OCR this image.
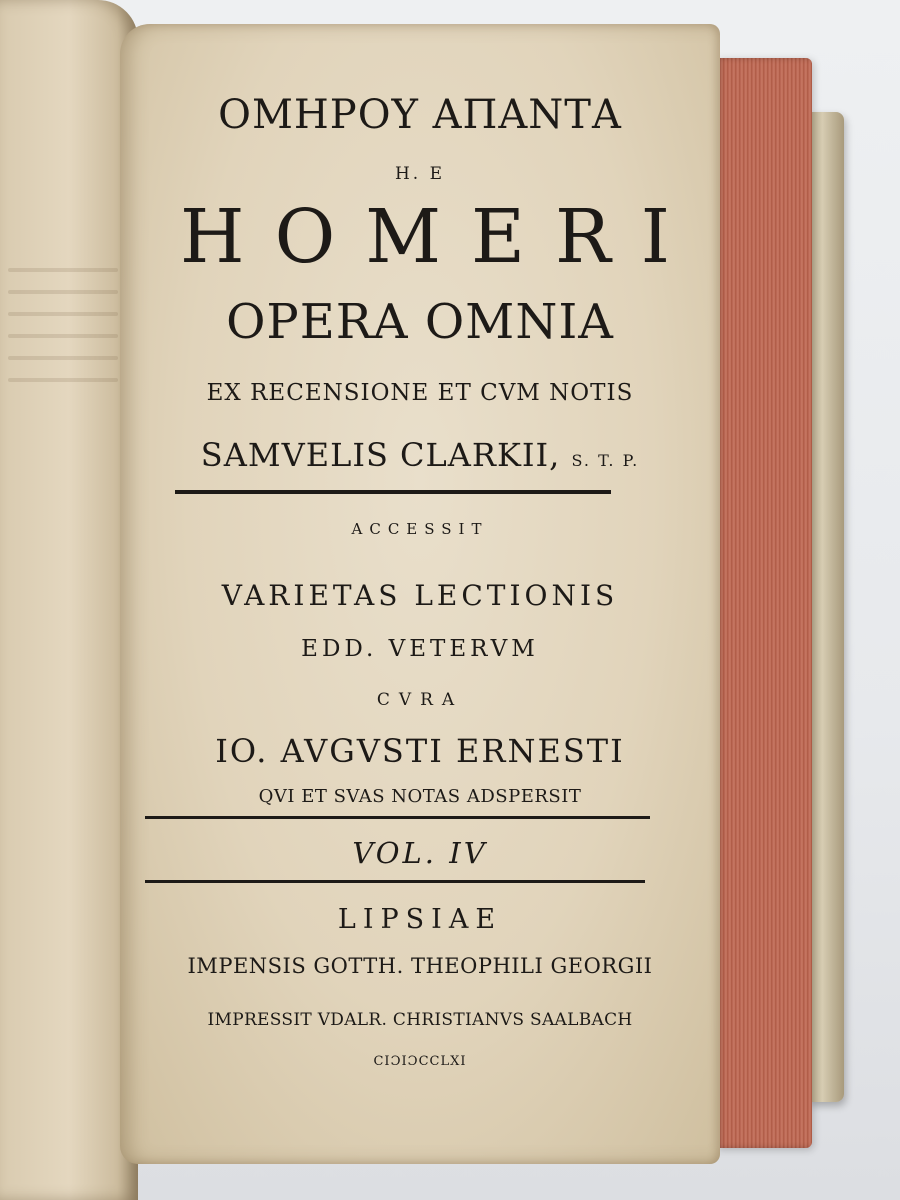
ΟΜΗΡΟΥ ΑΠΑΝΤΑ
Η. Ε
HOMERI
OPERA OMNIA
EX RECENSIONE ET CVM NOTIS
SAMVELIS CLARKII, S. T. P.
ACCESSIT
VARIETAS LECTIONIS
EDD. VETERVM
CVRA
IO. AVGVSTI ERNESTI
QVI ET SVAS NOTAS ADSPERSIT
VOL. IV
LIPSIAE
IMPENSIS GOTTH. THEOPHILI GEORGII
IMPRESSIT VDALR. CHRISTIANVS SAALBACH
CIƆIƆCCLXI
